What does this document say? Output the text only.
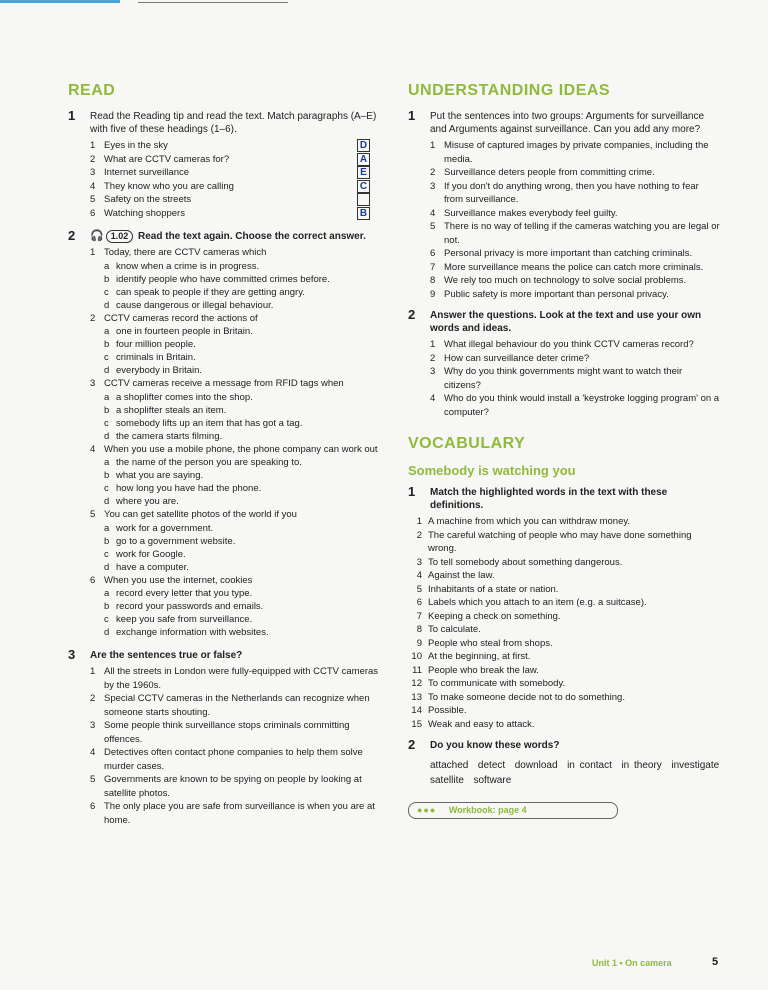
READ
1 Read the Reading tip and read the text. Match paragraphs (A–E) with five of these headings (1–6).
1 Eyes in the sky	D
2 What are CCTV cameras for?	A
3 Internet surveillance	E
4 They know who you are calling	C
5 Safety on the streets
6 Watching shoppers	B
2 🎧 1.02 Read the text again. Choose the correct answer.
1 Today, there are CCTV cameras which
a know when a crime is in progress.
b identify people who have committed crimes before.
c can speak to people if they are getting angry.
d cause dangerous or illegal behaviour.
2 CCTV cameras record the actions of
a one in fourteen people in Britain.
b four million people.
c criminals in Britain.
d everybody in Britain.
3 CCTV cameras receive a message from RFID tags when
a a shoplifter comes into the shop.
b a shoplifter steals an item.
c somebody lifts up an item that has got a tag.
d the camera starts filming.
4 When you use a mobile phone, the phone company can work out
a the name of the person you are speaking to.
b what you are saying.
c how long you have had the phone.
d where you are.
5 You can get satellite photos of the world if you
a work for a government.
b go to a government website.
c work for Google.
d have a computer.
6 When you use the internet, cookies
a record every letter that you type.
b record your passwords and emails.
c keep you safe from surveillance.
d exchange information with websites.
3 Are the sentences true or false?
1 All the streets in London were fully-equipped with CCTV cameras by the 1960s.
2 Special CCTV cameras in the Netherlands can recognize when someone starts shouting.
3 Some people think surveillance stops criminals committing offences.
4 Detectives often contact phone companies to help them solve murder cases.
5 Governments are known to be spying on people by looking at satellite photos.
6 The only place you are safe from surveillance is when you are at home.
UNDERSTANDING IDEAS
1 Put the sentences into two groups: Arguments for surveillance and Arguments against surveillance. Can you add any more?
1 Misuse of captured images by private companies, including the media.
2 Surveillance deters people from committing crime.
3 If you don't do anything wrong, then you have nothing to fear from surveillance.
4 Surveillance makes everybody feel guilty.
5 There is no way of telling if the cameras watching you are legal or not.
6 Personal privacy is more important than catching criminals.
7 More surveillance means the police can catch more criminals.
8 We rely too much on technology to solve social problems.
9 Public safety is more important than personal privacy.
2 Answer the questions. Look at the text and use your own words and ideas.
1 What illegal behaviour do you think CCTV cameras record?
2 How can surveillance deter crime?
3 Why do you think governments might want to watch their citizens?
4 Who do you think would install a 'keystroke logging program' on a computer?
VOCABULARY
Somebody is watching you
1 Match the highlighted words in the text with these definitions.
1 A machine from which you can withdraw money.
2 The careful watching of people who may have done something wrong.
3 To tell somebody about something dangerous.
4 Against the law.
5 Inhabitants of a state or nation.
6 Labels which you attach to an item (e.g. a suitcase).
7 Keeping a check on something.
8 To calculate.
9 People who steal from shops.
10 At the beginning, at first.
11 People who break the law.
12 To communicate with somebody.
13 To make someone decide not to do something.
14 Possible.
15 Weak and easy to attack.
2 Do you know these words?
attached  detect  download  in contact  in theory  investigate  satellite  software
●●● Workbook: page 4
Unit 1 • On camera	5
